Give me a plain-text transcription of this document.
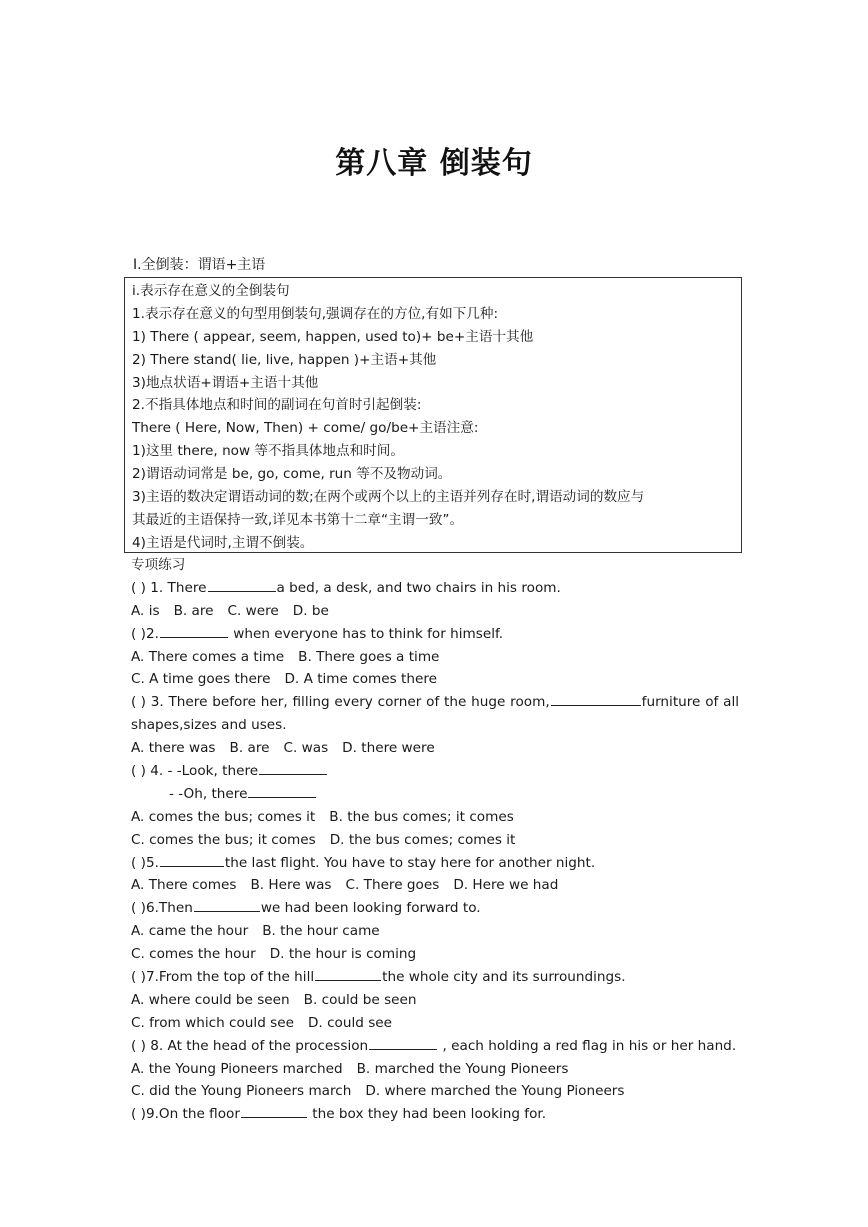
第八章 倒装句
Ⅰ.全倒装：谓语+主语
i.表示存在意义的全倒装句
1.表示存在意义的句型用倒装句,强调存在的方位,有如下几种:
1) There ( appear, seem, happen, used to)+ be+主语十其他
2) There stand( lie, live, happen )+主语+其他
3)地点状语+谓语+主语十其他
2.不指具体地点和时间的副词在句首时引起倒装:
There ( Here, Now, Then) + come/ go/be+主语注意:
1)这里 there, now 等不指具体地点和时间。
2)谓语动词常是 be, go, come, run 等不及物动词。
3)主语的数决定谓语动词的数;在两个或两个以上的主语并列存在时,谓语动词的数应与
其最近的主语保持一致,详见本书第十二章“主谓一致”。
4)主语是代词时,主谓不倒装。
专项练习
( ) 1. There	a bed, a desk, and two chairs in his room.
A. is B. are C. were D. be
( )2.	when everyone has to think for himself.
A. There comes a time B. There goes a time
C. A time goes there D. A time comes there
( ) 3. There before her, filling every corner of the huge room,	furniture of all
shapes,sizes and uses.
A. there was B. are C. was D. there were
( ) 4. - -Look, there
- -Oh, there
A. comes the bus; comes it B. the bus comes; it comes
C. comes the bus; it comes D. the bus comes; comes it
( )5.	the last flight. You have to stay here for another night.
A. There comes B. Here was C. There goes D. Here we had
( )6.Then	we had been looking forward to.
A. came the hour B. the hour came
C. comes the hour D. the hour is coming
( )7.From the top of the hill	the whole city and its surroundings.
A. where could be seen B. could be seen
C. from which could see D. could see
( ) 8. At the head of the procession	, each holding a red flag in his or her hand.
A. the Young Pioneers marched B. marched the Young Pioneers
C. did the Young Pioneers march D. where marched the Young Pioneers
( )9.On the floor	the box they had been looking for.
